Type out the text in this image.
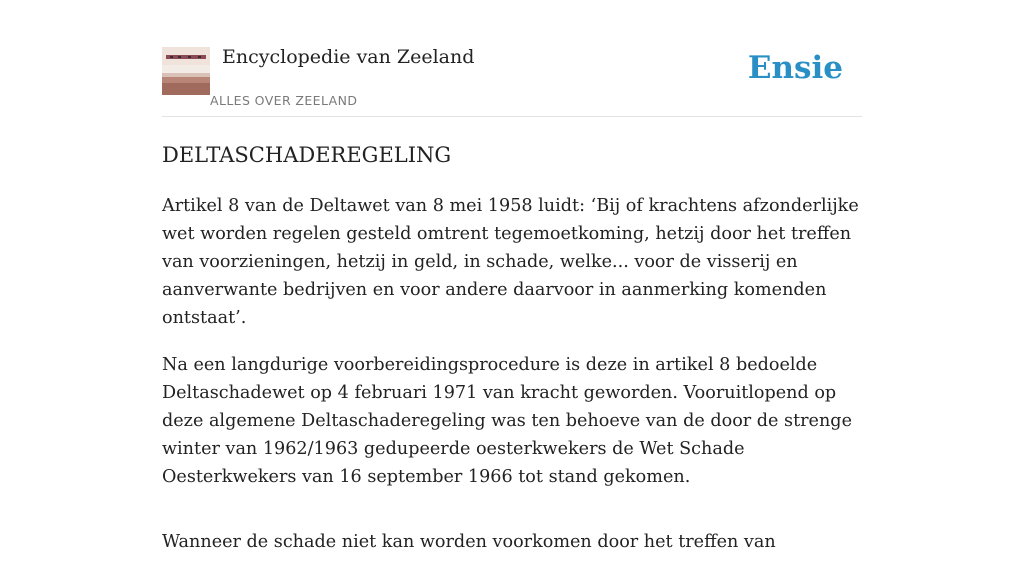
Encyclopedie van Zeeland
ALLES OVER ZEELAND
Ensie
DELTASCHADEREGELING

Artikel 8 van de Deltawet van 8 mei 1958 luidt: ‘Bij of krachtens afzonderlijke wet worden regelen gesteld omtrent tegemoetkoming, hetzij door het treffen van voorzieningen, hetzij in geld, in schade, welke... voor de visserij en aanverwante bedrijven en voor andere daarvoor in aanmerking komenden ontstaat’.

Na een langdurige voorbereidingsprocedure is deze in artikel 8 bedoelde Deltaschadewet op 4 februari 1971 van kracht geworden. Vooruitlopend op deze algemene Deltaschaderegeling was ten behoeve van de door de strenge winter van 1962/1963 gedupeerde oesterkwekers de Wet Schade Oesterkwekers van 16 september 1966 tot stand gekomen.

Wanneer de schade niet kan worden voorkomen door het treffen van
